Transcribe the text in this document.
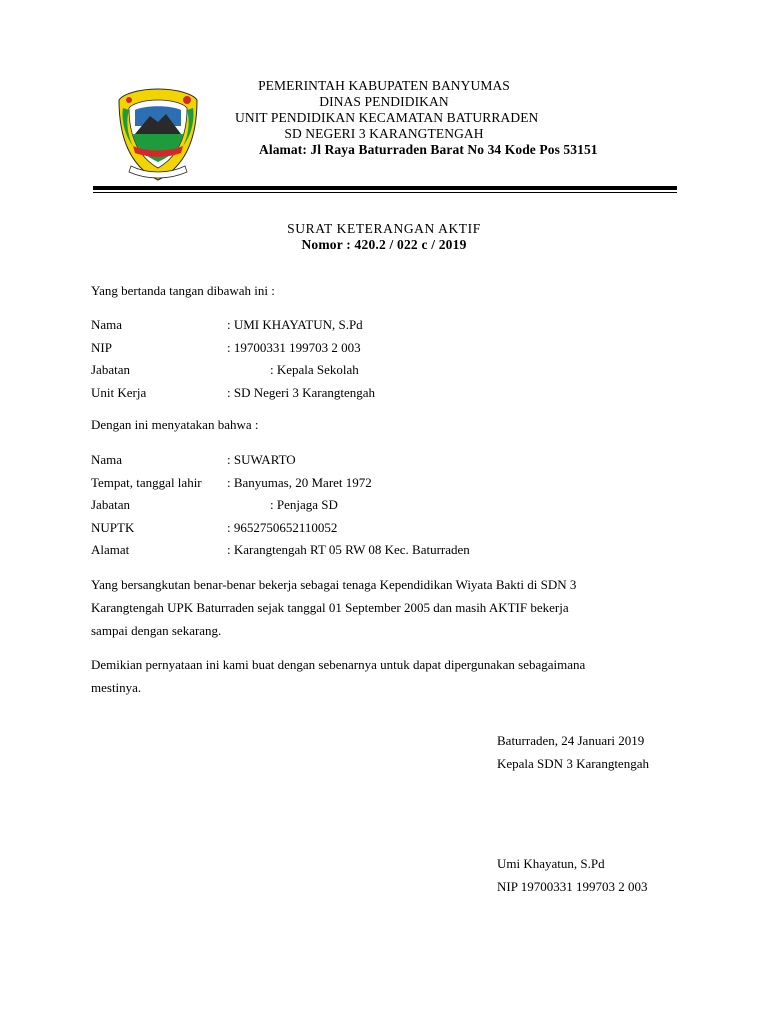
PEMERINTAH KABUPATEN BANYUMAS
DINAS PENDIDIKAN
UNIT PENDIDIKAN KECAMATAN BATURRADEN
SD NEGERI 3 KARANGTENGAH
Alamat: Jl Raya Baturraden Barat No 34 Kode Pos 53151
SURAT KETERANGAN AKTIF
Nomor : 420.2 / 022 c / 2019
Yang bertanda tangan dibawah ini :
Nama	: UMI KHAYATUN, S.Pd
NIP	: 19700331 199703 2 003
Jabatan	: Kepala Sekolah
Unit Kerja	: SD Negeri 3 Karangtengah
Dengan ini menyatakan bahwa :
Nama	: SUWARTO
Tempat, tanggal lahir : Banyumas, 20 Maret 1972
Jabatan	: Penjaga SD
NUPTK	: 9652750652110052
Alamat	: Karangtengah RT 05 RW 08 Kec. Baturraden
Yang bersangkutan benar-benar bekerja sebagai tenaga Kependidikan Wiyata Bakti di SDN 3
Karangtengah UPK Baturraden sejak tanggal 01 September 2005 dan masih AKTIF bekerja
sampai dengan sekarang.
Demikian pernyataan ini kami buat dengan sebenarnya untuk dapat dipergunakan sebagaimana
mestinya.
Baturraden, 24 Januari 2019
Kepala SDN 3 Karangtengah
Umi Khayatun, S.Pd
NIP 19700331 199703 2 003
